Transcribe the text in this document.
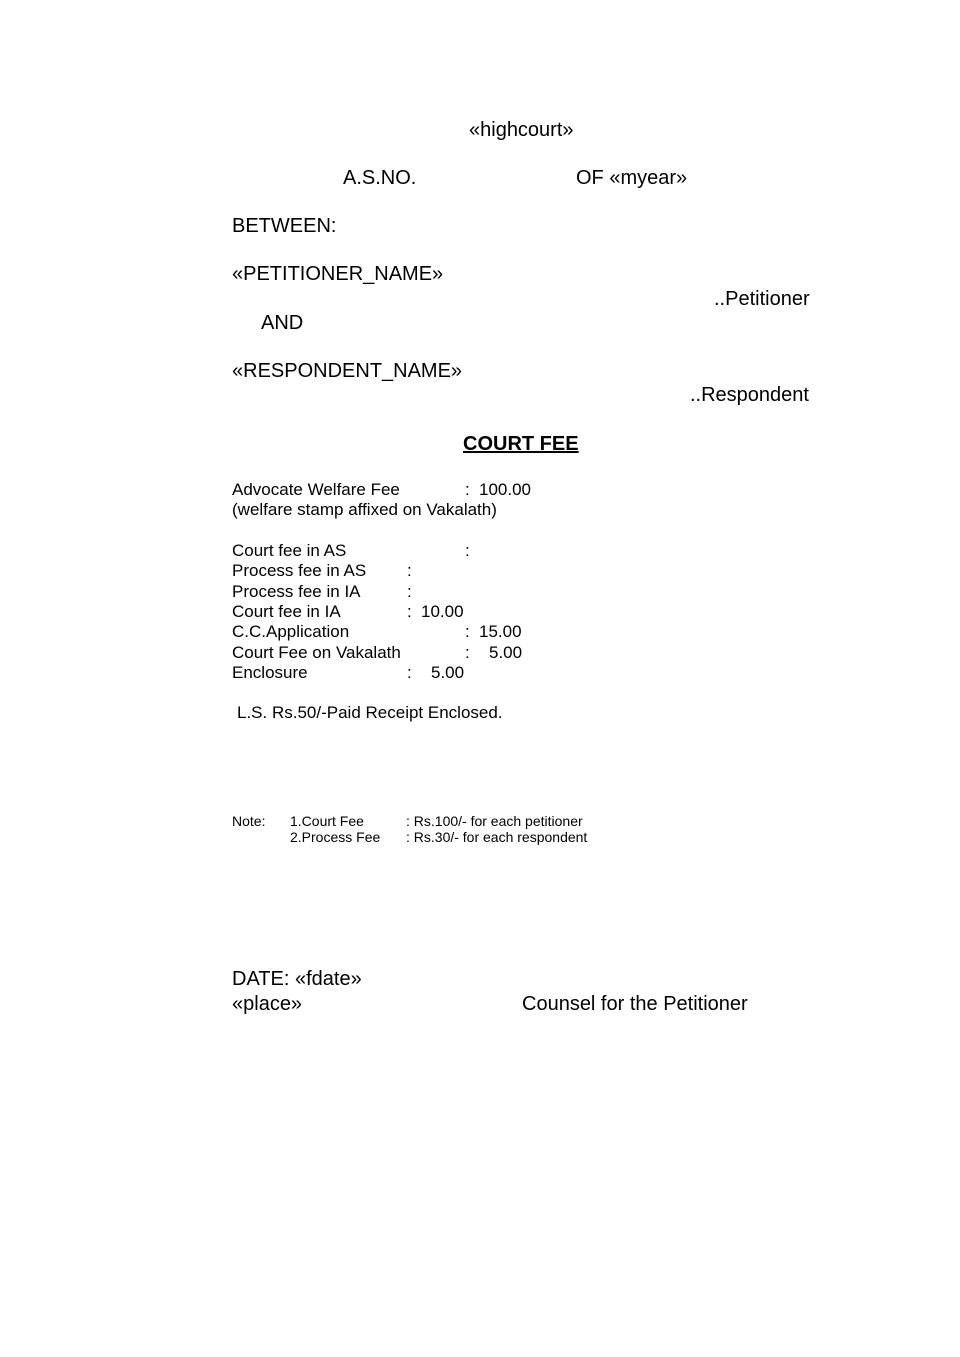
«highcourt»
A.S.NO.	OF «myear»
BETWEEN:
«PETITIONER_NAME»
..Petitioner
AND
«RESPONDENT_NAME»
..Respondent
COURT FEE
Advocate Welfare Fee	: 100.00
(welfare stamp affixed on Vakalath)
Court fee in AS	:
Process fee in AS :
Process fee in IA	:
Court fee in IA	: 10.00
C.C.Application	: 15.00
Court Fee on Vakalath	: 5.00
Enclosure	: 5.00
L.S. Rs.50/-Paid Receipt Enclosed.
Note: 1.Court Fee	: Rs.100/- for each petitioner
2.Process Fee : Rs.30/- for each respondent
DATE: «fdate»
«place»	Counsel for the Petitioner
